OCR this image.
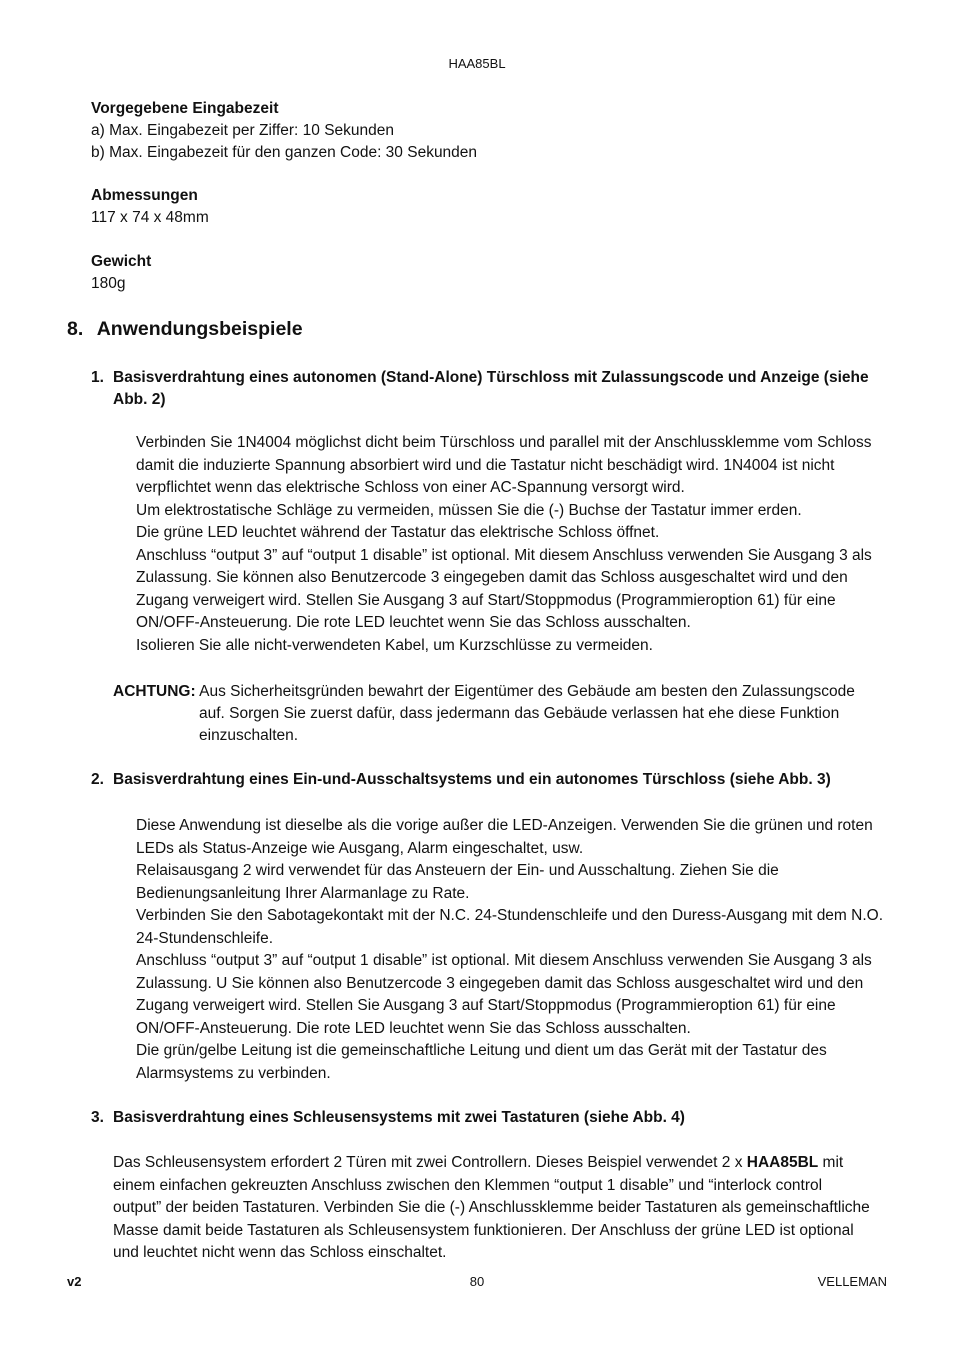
HAA85BL
Vorgegebene Eingabezeit
a) Max. Eingabezeit per Ziffer: 10 Sekunden
b) Max. Eingabezeit für den ganzen Code: 30 Sekunden
Abmessungen
117 x 74 x 48mm
Gewicht
180g
8. Anwendungsbeispiele
1. Basisverdrahtung eines autonomen (Stand-Alone) Türschloss mit Zulassungscode und Anzeige (siehe Abb. 2)

Verbinden Sie 1N4004 möglichst dicht beim Türschloss und parallel mit der Anschlussklemme vom Schloss damit die induzierte Spannung absorbiert wird und die Tastatur nicht beschädigt wird. 1N4004 ist nicht verpflichtet wenn das elektrische Schloss von einer AC-Spannung versorgt wird.

Um elektrostatische Schläge zu vermeiden, müssen Sie die (-) Buchse der Tastatur immer erden.

Die grüne LED leuchtet während der Tastatur das elektrische Schloss öffnet.

Anschluss “output 3” auf “output 1 disable” ist optional. Mit diesem Anschluss verwenden Sie Ausgang 3 als Zulassung. Sie können also Benutzercode 3 eingegeben damit das Schloss ausgeschaltet wird und den Zugang verweigert wird. Stellen Sie Ausgang 3 auf Start/Stoppmodus (Programmieroption 61) für eine ON/OFF-Ansteuerung. Die rote LED leuchtet wenn Sie das Schloss ausschalten.

Isolieren Sie alle nicht-verwendeten Kabel, um Kurzschlüsse zu vermeiden.

ACHTUNG: Aus Sicherheitsgründen bewahrt der Eigentümer des Gebäude am besten den Zulassungscode
auf. Sorgen Sie zuerst dafür, dass jedermann das Gebäude verlassen hat ehe diese Funktion einzuschalten.
2. Basisverdrahtung eines Ein-und-Ausschaltsystems und ein autonomes Türschloss (siehe Abb. 3)

Diese Anwendung ist dieselbe als die vorige außer die LED-Anzeigen. Verwenden Sie die grünen und roten LEDs als Status-Anzeige wie Ausgang, Alarm eingeschaltet, usw.

Relaisausgang 2 wird verwendet für das Ansteuern der Ein- und Ausschaltung. Ziehen Sie die Bedienungsanleitung Ihrer Alarmanlage zu Rate.

Verbinden Sie den Sabotagekontakt mit der N.C. 24-Stundenschleife und den Duress-Ausgang mit dem N.O. 24-Stundenschleife.

Anschluss “output 3” auf “output 1 disable” ist optional. Mit diesem Anschluss verwenden Sie Ausgang 3 als Zulassung. U Sie können also Benutzercode 3 eingegeben damit das Schloss ausgeschaltet wird und den Zugang verweigert wird. Stellen Sie Ausgang 3 auf Start/Stoppmodus (Programmieroption 61) für eine ON/OFF-Ansteuerung. Die rote LED leuchtet wenn Sie das Schloss ausschalten.

Die grün/gelbe Leitung ist die gemeinschaftliche Leitung und dient um das Gerät mit der Tastatur des Alarmsystems zu verbinden.

3. Basisverdrahtung eines Schleusensystems mit zwei Tastaturen (siehe Abb. 4)

Das Schleusensystem erfordert 2 Türen mit zwei Controllern. Dieses Beispiel verwendet 2 x HAA85BL mit einem einfachen gekreuzten Anschluss zwischen den Klemmen “output 1 disable” und “interlock control output” der beiden Tastaturen. Verbinden Sie die (-) Anschlussklemme beider Tastaturen als gemeinschaftliche Masse damit beide Tastaturen als Schleusensystem funktionieren. Der Anschluss der grüne LED ist optional und leuchtet nicht wenn das Schloss einschaltet.

v2	80	VELLEMAN
